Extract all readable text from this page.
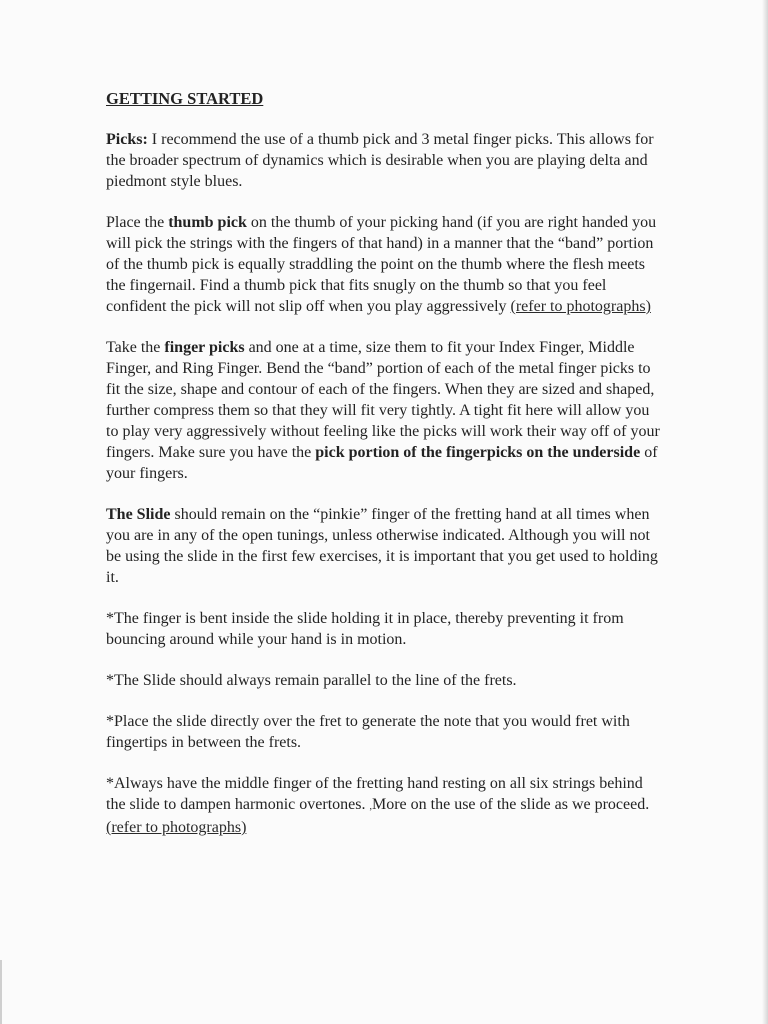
GETTING STARTED

Picks: I recommend the use of a thumb pick and 3 metal finger picks. This allows for the broader spectrum of dynamics which is desirable when you are playing delta and piedmont style blues.

Place the thumb pick on the thumb of your picking hand (if you are right handed you will pick the strings with the fingers of that hand) in a manner that the “band” portion of the thumb pick is equally straddling the point on the thumb where the flesh meets the fingernail. Find a thumb pick that fits snugly on the thumb so that you feel confident the pick will not slip off when you play aggressively (refer to photographs)

Take the finger picks and one at a time, size them to fit your Index Finger, Middle Finger, and Ring Finger. Bend the “band” portion of each of the metal finger picks to fit the size, shape and contour of each of the fingers. When they are sized and shaped, further compress them so that they will fit very tightly. A tight fit here will allow you to play very aggressively without feeling like the picks will work their way off of your fingers. Make sure you have the pick portion of the fingerpicks on the underside of your fingers.

The Slide should remain on the “pinkie” finger of the fretting hand at all times when you are in any of the open tunings, unless otherwise indicated. Although you will not be using the slide in the first few exercises, it is important that you get used to holding it.

*The finger is bent inside the slide holding it in place, thereby preventing it from bouncing around while your hand is in motion.

*The Slide should always remain parallel to the line of the frets.

*Place the slide directly over the fret to generate the note that you would fret with fingertips in between the frets.

*Always have the middle finger of the fretting hand resting on all six strings behind the slide to dampen harmonic overtones. ,More on the use of the slide as we proceed. (refer to photographs)
